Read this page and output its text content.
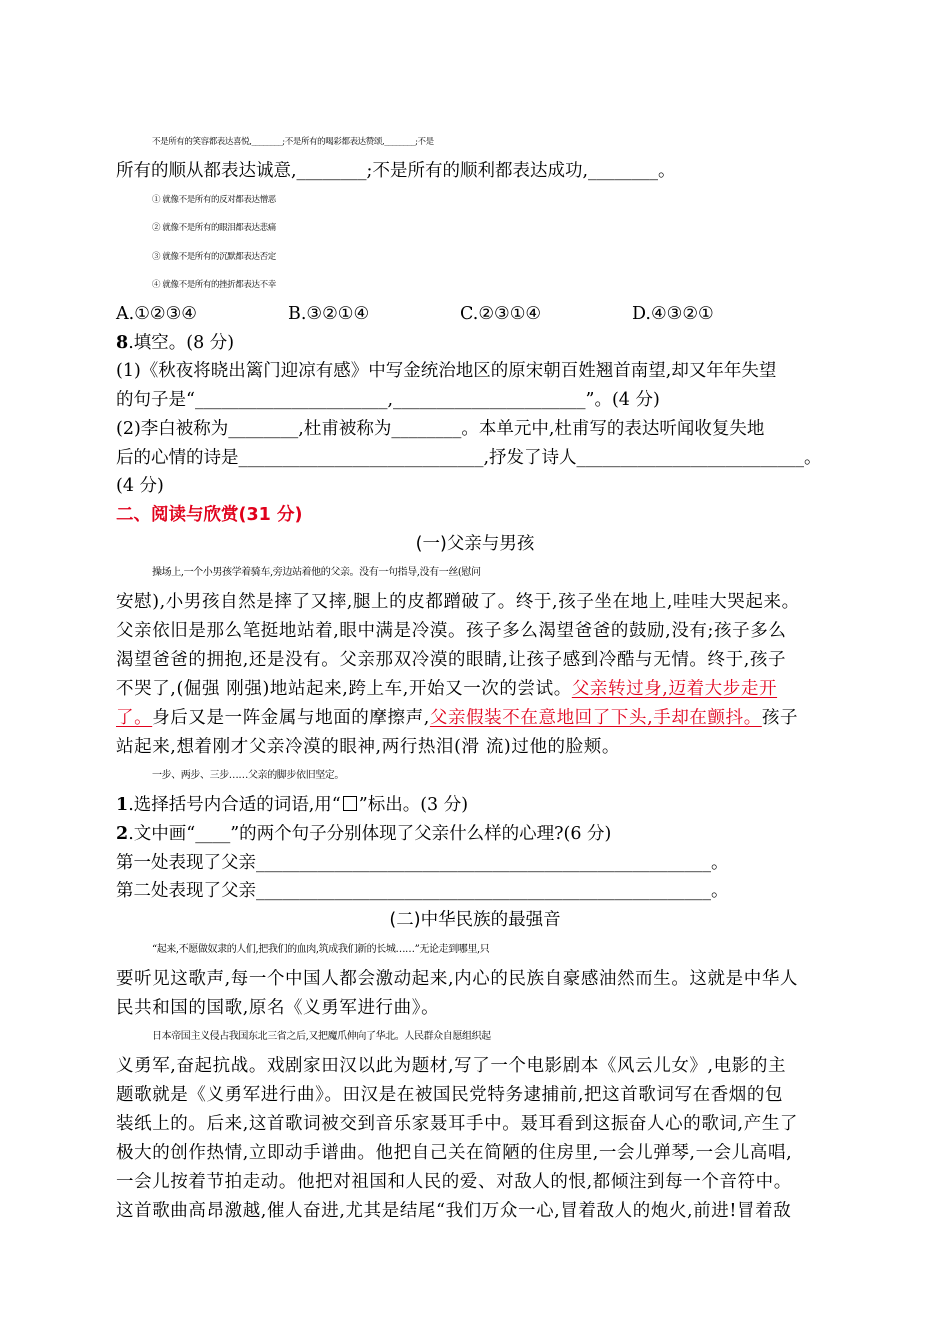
不是所有的笑容都表达喜悦,________;不是所有的喝彩都表达赞颂,________;不是
所有的顺从都表达诚意,________;不是所有的顺利都表达成功,________。
① 就像不是所有的反对都表达憎恶
② 就像不是所有的眼泪都表达悲痛
③ 就像不是所有的沉默都表达否定
④ 就像不是所有的挫折都表达不幸
A.①②③④	B.③②①④	C.②③①④	D.④③②①
8.填空。(8 分)
(1)《秋夜将晓出篱门迎凉有感》中写金统治地区的原宋朝百姓翘首南望,却又年年失望
的句子是“______________________,______________________”。(4 分)
(2)李白被称为________,杜甫被称为________。本单元中,杜甫写的表达听闻收复失地
后的心情的诗是____________________________,抒发了诗人__________________________。
(4 分)
二、阅读与欣赏(31 分)
(一)父亲与男孩
操场上,一个小男孩学着骑车,旁边站着他的父亲。没有一句指导,没有一丝(慰问
安慰),小男孩自然是摔了又摔,腿上的皮都蹭破了。终于,孩子坐在地上,哇哇大哭起来。
父亲依旧是那么笔挺地站着,眼中满是冷漠。孩子多么渴望爸爸的鼓励,没有;孩子多么
渴望爸爸的拥抱,还是没有。父亲那双冷漠的眼睛,让孩子感到冷酷与无情。终于,孩子
不哭了,(倔强 刚强)地站起来,跨上车,开始又一次的尝试。父亲转过身,迈着大步走开
了。身后又是一阵金属与地面的摩擦声,父亲假装不在意地回了下头,手却在颤抖。孩子
站起来,想着刚才父亲冷漠的眼神,两行热泪(滑 流)过他的脸颊。
一步、两步、三步……父亲的脚步依旧坚定。
1.选择括号内合适的词语,用“ ”标出。(3 分)
2.文中画“____”的两个句子分别体现了父亲什么样的心理?(6 分)
第一处表现了父亲____________________________________________________。
第二处表现了父亲____________________________________________________。
(二)中华民族的最强音
“起来,不愿做奴隶的人们,把我们的血肉,筑成我们新的长城……”无论走到哪里,只
要听见这歌声,每一个中国人都会激动起来,内心的民族自豪感油然而生。这就是中华人
民共和国的国歌,原名《义勇军进行曲》。
日本帝国主义侵占我国东北三省之后,又把魔爪伸向了华北。人民群众自愿组织起
义勇军,奋起抗战。戏剧家田汉以此为题材,写了一个电影剧本《风云儿女》,电影的主
题歌就是《义勇军进行曲》。田汉是在被国民党特务逮捕前,把这首歌词写在香烟的包
装纸上的。后来,这首歌词被交到音乐家聂耳手中。聂耳看到这振奋人心的歌词,产生了
极大的创作热情,立即动手谱曲。他把自己关在简陋的住房里,一会儿弹琴,一会儿高唱,
一会儿按着节拍走动。他把对祖国和人民的爱、对敌人的恨,都倾注到每一个音符中。
这首歌曲高昂激越,催人奋进,尤其是结尾“我们万众一心,冒着敌人的炮火,前进!冒着敌
